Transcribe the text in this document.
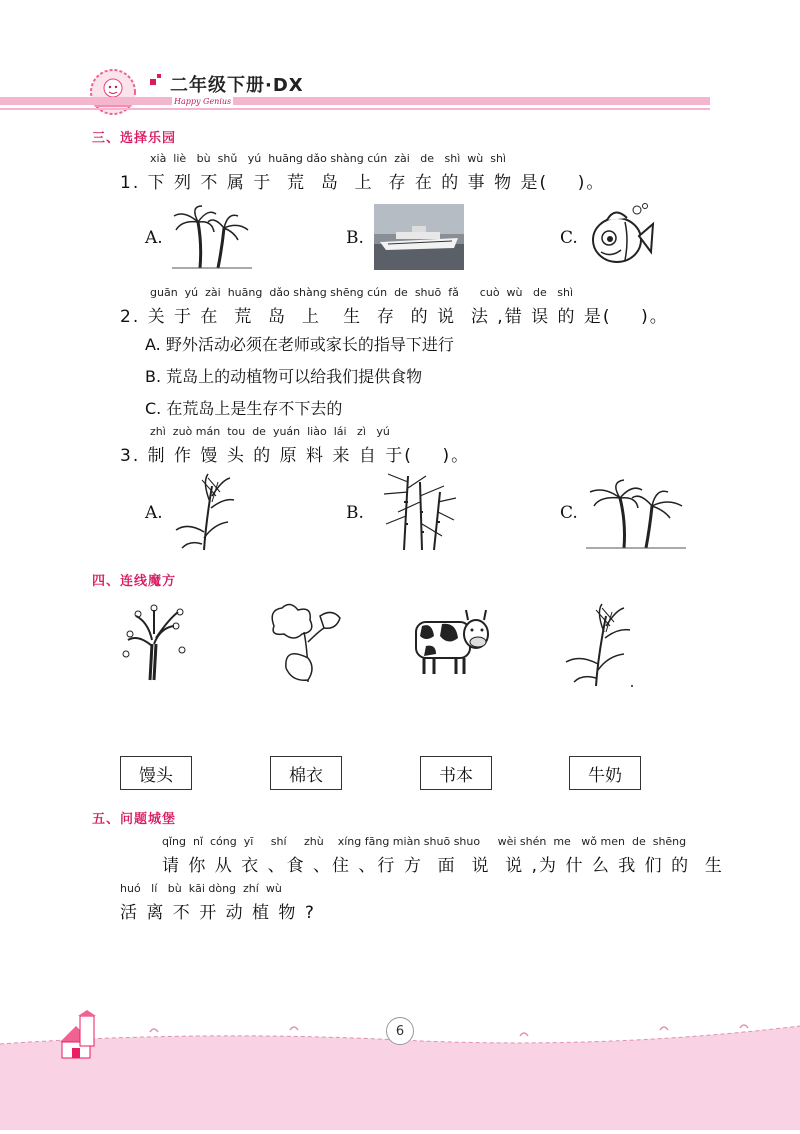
二年级下册·DX
Happy Genius
三、选择乐园
xià  liè   bù  shǔ   yú  huāng dǎo shàng cún  zài   de   shì  wù  shì
1. 下 列 不 属 于  荒  岛  上  存 在 的 事 物 是(    )。
A.	B.	C.
guān  yú  zài  huāng  dǎo shàng shēng cún  de  shuō  fǎ      cuò  wù   de   shì
2. 关 于 在  荒  岛  上   生  存  的 说  法 ,错 误 的 是(    )。
A. 野外活动必须在老师或家长的指导下进行
B. 荒岛上的动植物可以给我们提供食物
C. 在荒岛上是生存不下去的
zhì  zuò mán  tou  de  yuán  liào  lái   zì   yú
3. 制 作 馒 头 的 原 料 来 自 于(    )。
A.	B.	C.
四、连线魔方
馒头	棉衣	书本	牛奶
五、问题城堡
qǐng  nǐ  cóng  yī     shí     zhù    xíng fāng miàn shuō shuo     wèi shén  me   wǒ men  de  shēng
请 你 从 衣 、食 、住 、行 方  面  说  说 ,为 什 么 我 们 的  生
huó   lí   bù  kāi dòng  zhí  wù
活 离 不 开 动 植 物 ?
6
